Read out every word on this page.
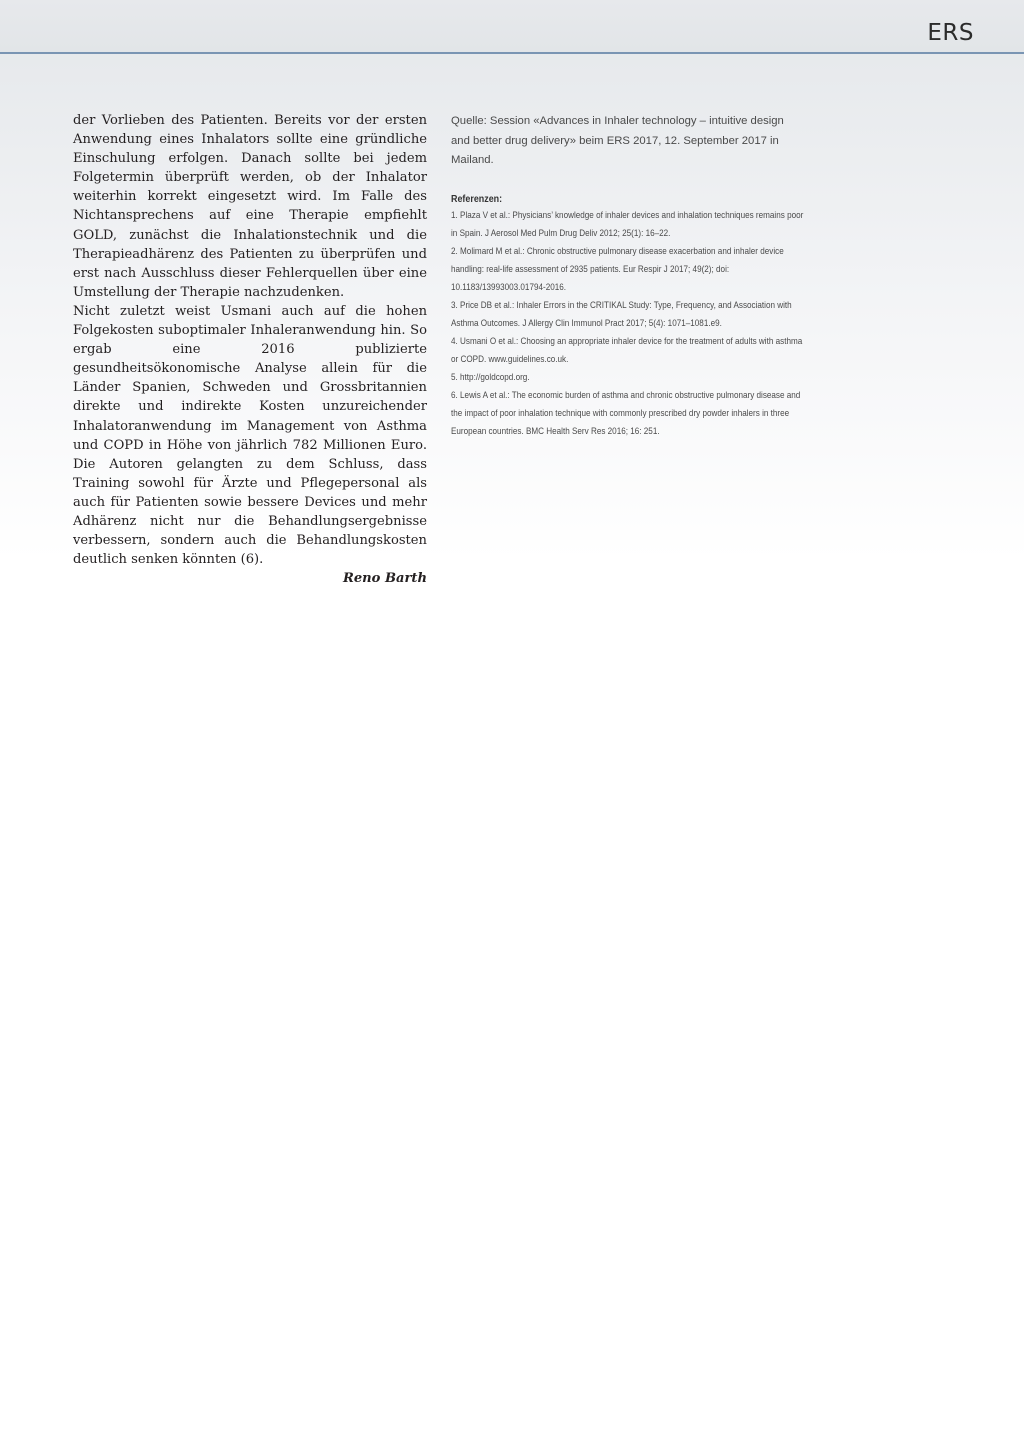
ERS

der Vorlieben des Patienten. Bereits vor der ersten Anwendung eines Inhalators sollte eine gründliche Einschulung erfolgen. Danach sollte bei jedem Folgetermin überprüft werden, ob der Inhalator weiterhin korrekt eingesetzt wird. Im Falle des Nichtansprechens auf eine Therapie empfiehlt GOLD, zunächst die Inhalationstechnik und die Therapieadhärenz des Patienten zu überprüfen und erst nach Ausschluss dieser Fehlerquellen über eine Umstellung der Therapie nachzudenken.

Nicht zuletzt weist Usmani auch auf die hohen Folgekosten suboptimaler Inhaleranwendung hin. So ergab eine 2016 publizierte gesundheitsökonomische Analyse allein für die Länder Spanien, Schweden und Grossbritannien direkte und indirekte Kosten unzureichender Inhalatoranwendung im Management von Asthma und COPD in Höhe von jährlich 782 Millionen Euro. Die Autoren gelangten zu dem Schluss, dass Training sowohl für Ärzte und Pflegepersonal als auch für Patienten sowie bessere Devices und mehr Adhärenz nicht nur die Behandlungsergebnisse verbessern, sondern auch die Behandlungskosten deutlich senken könnten (6).

Reno Barth

Quelle: Session «Advances in Inhaler technology – intuitive design and better drug delivery» beim ERS 2017, 12. September 2017 in Mailand.

Referenzen:

1. Plaza V et al.: Physicians’ knowledge of inhaler devices and inhalation techniques remains poor in Spain. J Aerosol Med Pulm Drug Deliv 2012; 25(1): 16–22.

2. Molimard M et al.: Chronic obstructive pulmonary disease exacerbation and inhaler device handling: real-life assessment of 2935 patients. Eur Respir J 2017; 49(2); doi: 10.1183/13993003.01794-2016.

3. Price DB et al.: Inhaler Errors in the CRITIKAL Study: Type, Frequency, and Association with Asthma Outcomes. J Allergy Clin Immunol Pract 2017; 5(4): 1071–1081.e9.

4. Usmani O et al.: Choosing an appropriate inhaler device for the treatment of adults with asthma or COPD. www.guidelines.co.uk.

5. http://goldcopd.org.

6. Lewis A et al.: The economic burden of asthma and chronic obstructive pulmonary disease and the impact of poor inhalation technique with commonly prescribed dry powder inhalers in three European countries. BMC Health Serv Res 2016; 16: 251.
